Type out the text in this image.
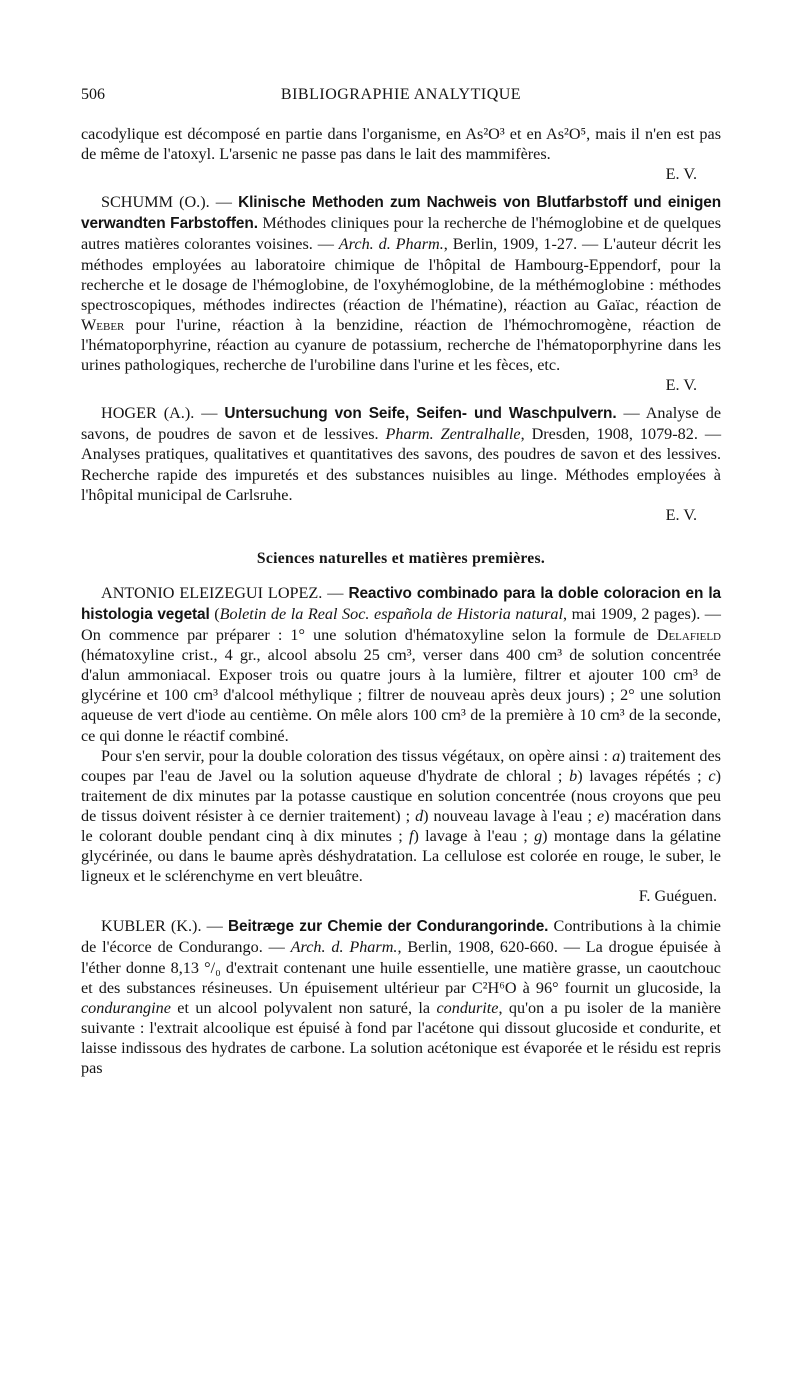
506	BIBLIOGRAPHIE ANALYTIQUE

cacodylique est décomposé en partie dans l'organisme, en As²O³ et en As²O⁵, mais il n'en est pas de même de l'atoxyl. L'arsenic ne passe pas dans le lait des mammifères.

E. V.

SCHUMM (O.). — Klinische Methoden zum Nachweis von Blutfarbstoff und einigen verwandten Farbstoffen. Méthodes cliniques pour la recherche de l'hémoglobine et de quelques autres matières colorantes voisines. — Arch. d. Pharm., Berlin, 1909, 1-27. — L'auteur décrit les méthodes employées au laboratoire chimique de l'hôpital de Hambourg-Eppendorf, pour la recherche et le dosage de l'hémoglobine, de l'oxyhémoglobine, de la méthémoglobine : méthodes spectroscopiques, méthodes indirectes (réaction de l'hématine), réaction au Gaïac, réaction de Weber pour l'urine, réaction à la benzidine, réaction de l'hémochromogène, réaction de l'hématoporphyrine, réaction au cyanure de potassium, recherche de l'hématoporphyrine dans les urines pathologiques, recherche de l'urobiline dans l'urine et les fèces, etc.

E. V.

HOGER (A.). — Untersuchung von Seife, Seifen- und Waschpulvern. — Analyse de savons, de poudres de savon et de lessives. Pharm. Zentralhalle, Dresden, 1908, 1079-82. — Analyses pratiques, qualitatives et quantitatives des savons, des poudres de savon et des lessives. Recherche rapide des impuretés et des substances nuisibles au linge. Méthodes employées à l'hôpital municipal de Carlsruhe.

E. V.

Sciences naturelles et matières premières.

ANTONIO ELEIZEGUI LOPEZ. — Reactivo combinado para la doble coloracion en la histologia vegetal (Boletin de la Real Soc. española de Historia natural, mai 1909, 2 pages). — On commence par préparer : 1° une solution d'hématoxyline selon la formule de Delafield (hématoxyline crist., 4 gr., alcool absolu 25 cm³, verser dans 400 cm³ de solution concentrée d'alun ammoniacal. Exposer trois ou quatre jours à la lumière, filtrer et ajouter 100 cm³ de glycérine et 100 cm³ d'alcool méthylique ; filtrer de nouveau après deux jours) ; 2° une solution aqueuse de vert d'iode au centième. On mêle alors 100 cm³ de la première à 10 cm³ de la seconde, ce qui donne le réactif combiné.

Pour s'en servir, pour la double coloration des tissus végétaux, on opère ainsi : a) traitement des coupes par l'eau de Javel ou la solution aqueuse d'hydrate de chloral ; b) lavages répétés ; c) traitement de dix minutes par la potasse caustique en solution concentrée (nous croyons que peu de tissus doivent résister à ce dernier traitement) ; d) nouveau lavage à l'eau ; e) macération dans le colorant double pendant cinq à dix minutes ; f) lavage à l'eau ; g) montage dans la gélatine glycérinée, ou dans le baume après déshydratation. La cellulose est colorée en rouge, le suber, le ligneux et le sclérenchyme en vert bleuâtre.

F. Guéguen.

KUBLER (K.). — Beitræge zur Chemie der Condurangorinde. Contributions à la chimie de l'écorce de Condurango. — Arch. d. Pharm., Berlin, 1908, 620-660. — La drogue épuisée à l'éther donne 8,13 °/₀ d'extrait contenant une huile essentielle, une matière grasse, un caoutchouc et des substances résineuses. Un épuisement ultérieur par C²H⁶O à 96° fournit un glucoside, la condurangine et un alcool polyvalent non saturé, la condurite, qu'on a pu isoler de la manière suivante : l'extrait alcoolique est épuisé à fond par l'acétone qui dissout glucoside et condurite, et laisse indissous des hydrates de carbone. La solution acétonique est évaporée et le résidu est repris pas
